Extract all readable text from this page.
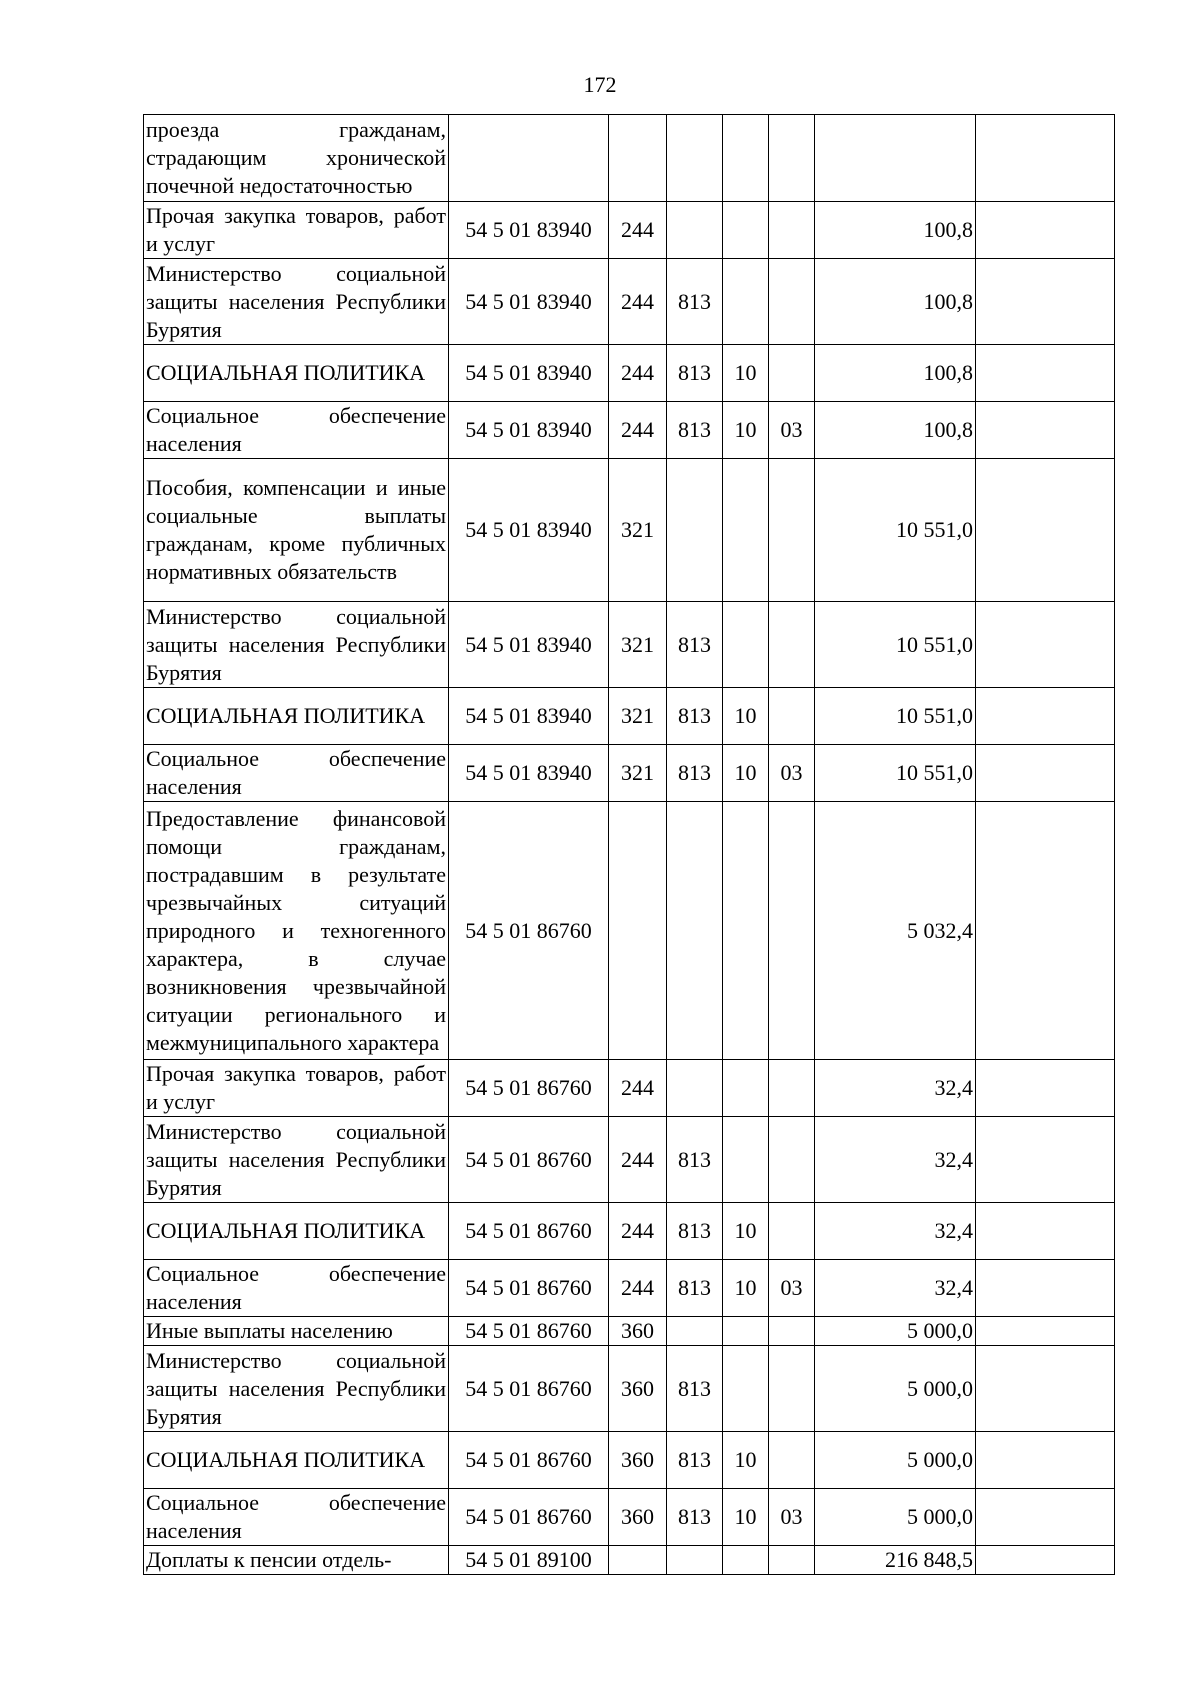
172
проезда гражданам, страдающим хронической почечной недостаточностью							
Прочая закупка товаров, работ и услуг	54 5 01 83940	244				100,8	
Министерство социальной защиты населения Республики Бурятия	54 5 01 83940	244	813			100,8	
СОЦИАЛЬНАЯ ПОЛИТИКА	54 5 01 83940	244	813	10		100,8	
Социальное обеспечение населения	54 5 01 83940	244	813	10	03	100,8	
Пособия, компенсации и иные социальные выплаты гражданам, кроме публичных нормативных обязательств	54 5 01 83940	321				10 551,0	
Министерство социальной защиты населения Республики Бурятия	54 5 01 83940	321	813			10 551,0	
СОЦИАЛЬНАЯ ПОЛИТИКА	54 5 01 83940	321	813	10		10 551,0	
Социальное обеспечение населения	54 5 01 83940	321	813	10	03	10 551,0	
Предоставление финансовой помощи гражданам, пострадавшим в результате чрезвычайных ситуаций природного и техногенного характера, в случае возникновения чрезвычайной ситуации регионального и межмуниципального характера	54 5 01 86760					5 032,4	
Прочая закупка товаров, работ и услуг	54 5 01 86760	244				32,4	
Министерство социальной защиты населения Республики Бурятия	54 5 01 86760	244	813			32,4	
СОЦИАЛЬНАЯ ПОЛИТИКА	54 5 01 86760	244	813	10		32,4	
Социальное обеспечение населения	54 5 01 86760	244	813	10	03	32,4	
Иные выплаты населению	54 5 01 86760	360				5 000,0	
Министерство социальной защиты населения Республики Бурятия	54 5 01 86760	360	813			5 000,0	
СОЦИАЛЬНАЯ ПОЛИТИКА	54 5 01 86760	360	813	10		5 000,0	
Социальное обеспечение населения	54 5 01 86760	360	813	10	03	5 000,0	
Доплаты к пенсии отдель-	54 5 01 89100					216 848,5	
